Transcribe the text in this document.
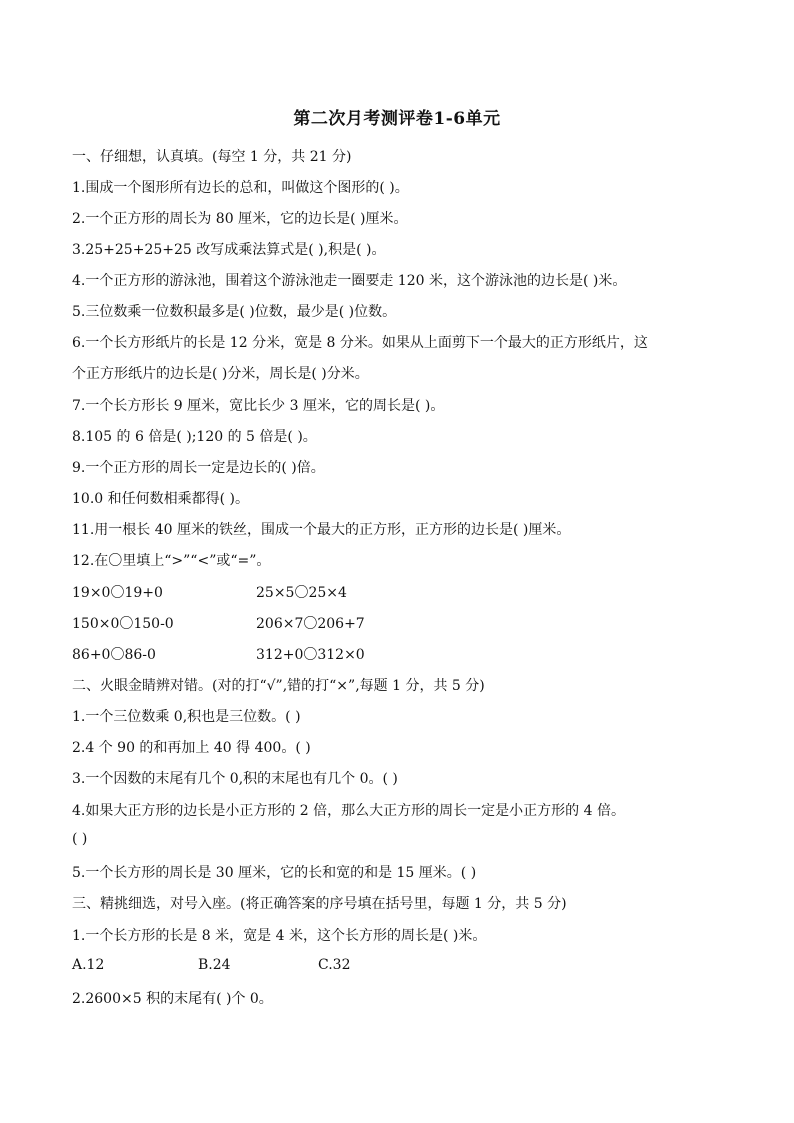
第二次月考测评卷1-6单元
一、仔细想，认真填。(每空 1 分，共 21 分)
1.围成一个图形所有边长的总和，叫做这个图形的( )。
2.一个正方形的周长为 80 厘米，它的边长是( )厘米。
3.25+25+25+25 改写成乘法算式是( ),积是( )。
4.一个正方形的游泳池，围着这个游泳池走一圈要走 120 米，这个游泳池的边长是( )米。
5.三位数乘一位数积最多是( )位数，最少是( )位数。
6.一个长方形纸片的长是 12 分米，宽是 8 分米。如果从上面剪下一个最大的正方形纸片，这
个正方形纸片的边长是( )分米，周长是( )分米。
7.一个长方形长 9 厘米，宽比长少 3 厘米，它的周长是( )。
8.105 的 6 倍是( );120 的 5 倍是( )。
9.一个正方形的周长一定是边长的( )倍。
10.0 和任何数相乘都得( )。
11.用一根长 40 厘米的铁丝，围成一个最大的正方形，正方形的边长是( )厘米。
12.在〇里填上“>”“<”或“=”。
19×0〇19+0	25×5〇25×4
150×0〇150-0	206×7〇206+7
86+0〇86-0	312+0〇312×0
二、火眼金睛辨对错。(对的打“√”,错的打“×”,每题 1 分，共 5 分)
1.一个三位数乘 0,积也是三位数。( )
2.4 个 90 的和再加上 40 得 400。( )
3.一个因数的末尾有几个 0,积的末尾也有几个 0。( )
4.如果大正方形的边长是小正方形的 2 倍，那么大正方形的周长一定是小正方形的 4 倍。
( )
5.一个长方形的周长是 30 厘米，它的长和宽的和是 15 厘米。( )
三、精挑细选，对号入座。(将正确答案的序号填在括号里，每题 1 分，共 5 分)
1.一个长方形的长是 8 米，宽是 4 米，这个长方形的周长是( )米。
A.12	B.24	C.32
2.2600×5 积的末尾有( )个 0。
